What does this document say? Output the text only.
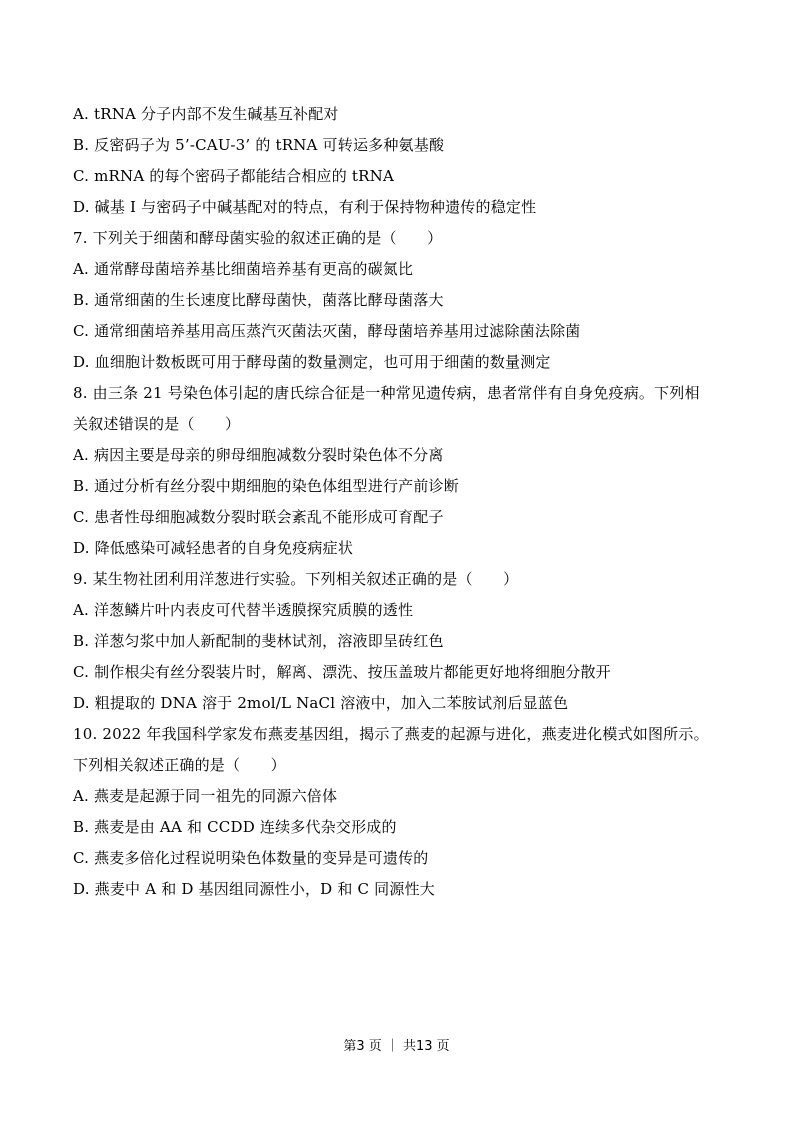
A. tRNA 分子内部不发生碱基互补配对
B. 反密码子为 5’-CAU-3’ 的 tRNA 可转运多种氨基酸
C. mRNA 的每个密码子都能结合相应的 tRNA
D. 碱基 I 与密码子中碱基配对的特点，有利于保持物种遗传的稳定性
7. 下列关于细菌和酵母菌实验的叙述正确的是（　　）
A. 通常酵母菌培养基比细菌培养基有更高的碳氮比
B. 通常细菌的生长速度比酵母菌快，菌落比酵母菌落大
C. 通常细菌培养基用高压蒸汽灭菌法灭菌，酵母菌培养基用过滤除菌法除菌
D. 血细胞计数板既可用于酵母菌的数量测定，也可用于细菌的数量测定
8. 由三条 21 号染色体引起的唐氏综合征是一种常见遗传病，患者常伴有自身免疫病。下列相
关叙述错误的是（　　）
A. 病因主要是母亲的卵母细胞减数分裂时染色体不分离
B. 通过分析有丝分裂中期细胞的染色体组型进行产前诊断
C. 患者性母细胞减数分裂时联会紊乱不能形成可育配子
D. 降低感染可减轻患者的自身免疫病症状
9. 某生物社团利用洋葱进行实验。下列相关叙述正确的是（　　）
A. 洋葱鳞片叶内表皮可代替半透膜探究质膜的透性
B. 洋葱匀浆中加人新配制的斐林试剂，溶液即呈砖红色
C. 制作根尖有丝分裂装片时，解离、漂洗、按压盖玻片都能更好地将细胞分散开
D. 粗提取的 DNA 溶于 2mol/L NaCl 溶液中，加入二苯胺试剂后显蓝色
10. 2022 年我国科学家发布燕麦基因组，揭示了燕麦的起源与进化，燕麦进化模式如图所示。
下列相关叙述正确的是（　　）
A. 燕麦是起源于同一祖先的同源六倍体
B. 燕麦是由 AA 和 CCDD 连续多代杂交形成的
C. 燕麦多倍化过程说明染色体数量的变异是可遗传的
D. 燕麦中 A 和 D 基因组同源性小，D 和 C 同源性大
第3 页 ｜ 共13 页
